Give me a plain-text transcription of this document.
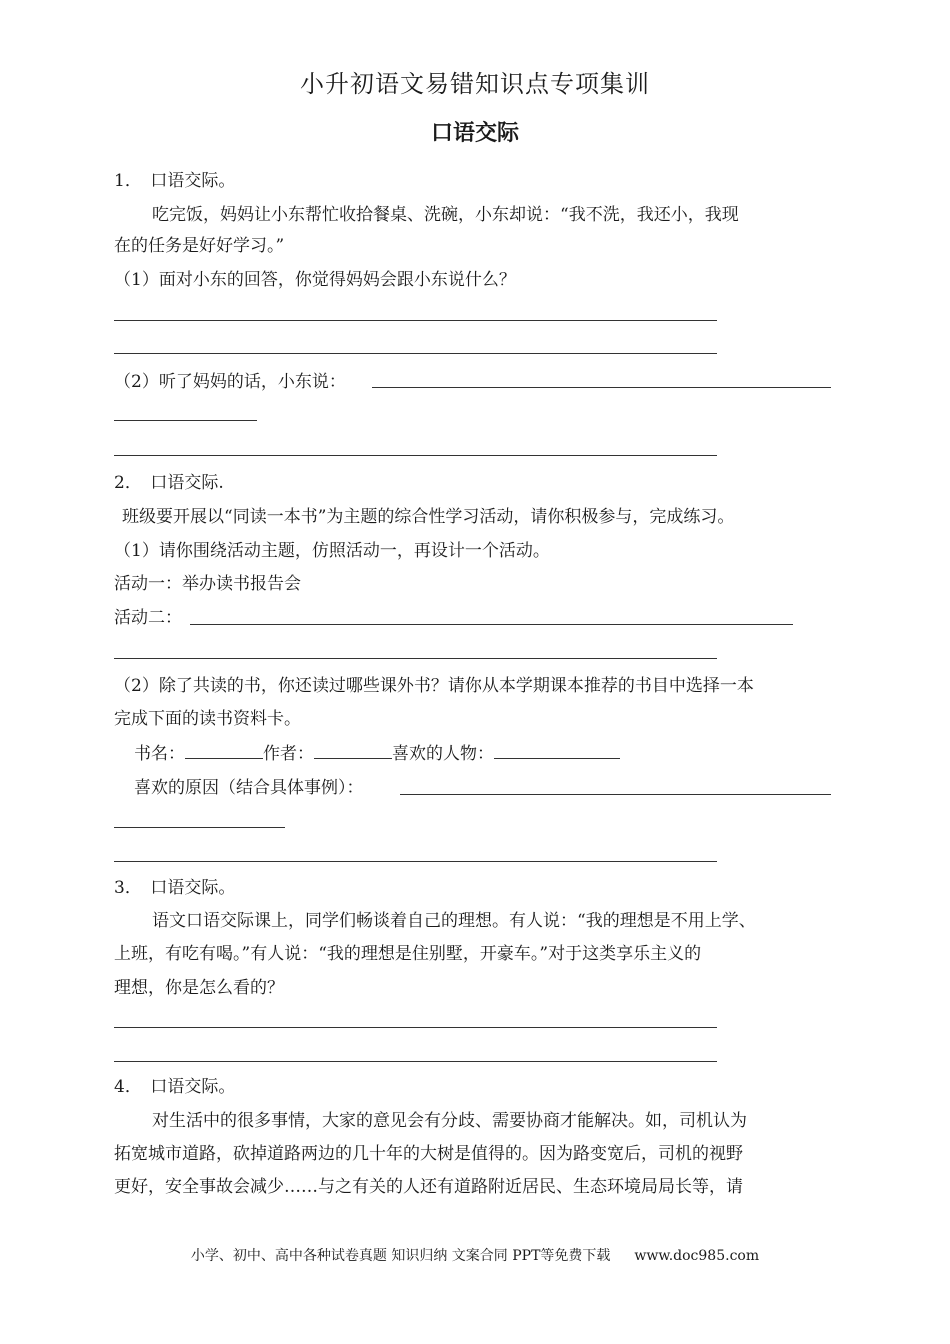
小升初语文易错知识点专项集训
口语交际
1．　口语交际。
吃完饭，妈妈让小东帮忙收拾餐桌、洗碗，小东却说：“我不洗，我还小，我现
在的任务是好好学习。”
（1）面对小东的回答，你觉得妈妈会跟小东说什么？
（2）听了妈妈的话，小东说：
2．　口语交际.
班级要开展以“同读一本书”为主题的综合性学习活动，请你积极参与，完成练习。
（1）请你围绕活动主题，仿照活动一，再设计一个活动。
活动一：举办读书报告会
活动二：
（2）除了共读的书，你还读过哪些课外书？请你从本学期课本推荐的书目中选择一本
完成下面的读书资料卡。
书名：	作者：	喜欢的人物：
喜欢的原因（结合具体事例）：
3．　口语交际。
语文口语交际课上，同学们畅谈着自己的理想。有人说：“我的理想是不用上学、
上班，有吃有喝。”有人说：“我的理想是住别墅，开豪车。”对于这类享乐主义的
理想，你是怎么看的？
4．　口语交际。
对生活中的很多事情，大家的意见会有分歧、需要协商才能解决。如，司机认为
拓宽城市道路，砍掉道路两边的几十年的大树是值得的。因为路变宽后，司机的视野
更好，安全事故会减少……与之有关的人还有道路附近居民、生态环境局局长等，请
小学、初中、高中各种试卷真题 知识归纳 文案合同 PPT等免费下载 www.doc985.com
